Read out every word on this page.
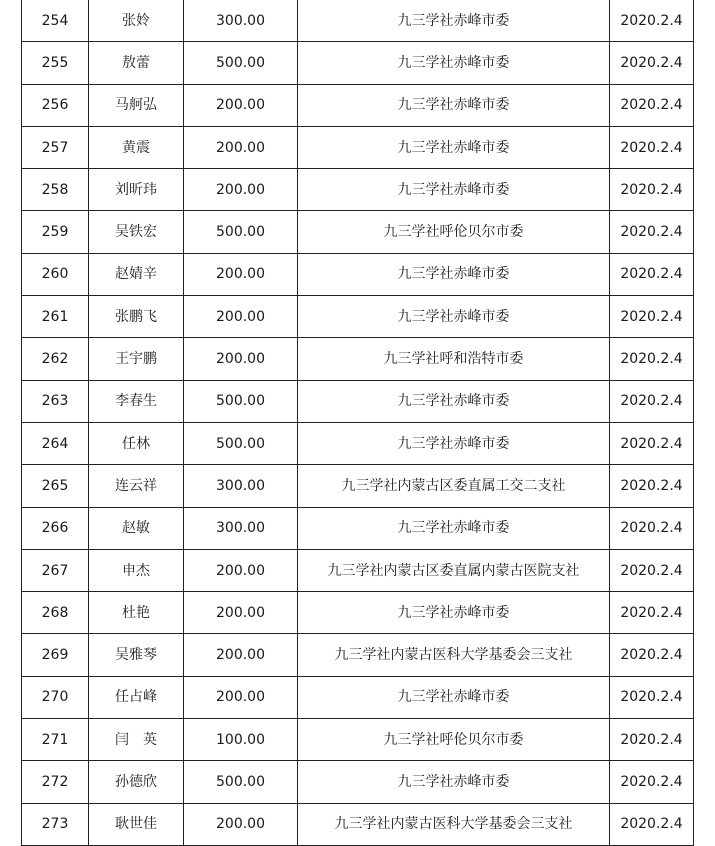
254	张姈	300.00	九三学社赤峰市委	2020.2.4
255	敖蕾	500.00	九三学社赤峰市委	2020.2.4
256	马舸弘	200.00	九三学社赤峰市委	2020.2.4
257	黄震	200.00	九三学社赤峰市委	2020.2.4
258	刘昕玮	200.00	九三学社赤峰市委	2020.2.4
259	吴铁宏	500.00	九三学社呼伦贝尔市委	2020.2.4
260	赵婧辛	200.00	九三学社赤峰市委	2020.2.4
261	张鹏飞	200.00	九三学社赤峰市委	2020.2.4
262	王宇鹏	200.00	九三学社呼和浩特市委	2020.2.4
263	李春生	500.00	九三学社赤峰市委	2020.2.4
264	任林	500.00	九三学社赤峰市委	2020.2.4
265	连云祥	300.00	九三学社内蒙古区委直属工交二支社	2020.2.4
266	赵敏	300.00	九三学社赤峰市委	2020.2.4
267	申杰	200.00	九三学社内蒙古区委直属内蒙古医院支社	2020.2.4
268	杜艳	200.00	九三学社赤峰市委	2020.2.4
269	吴雅琴	200.00	九三学社内蒙古医科大学基委会三支社	2020.2.4
270	任占峰	200.00	九三学社赤峰市委	2020.2.4
271	闫　英	100.00	九三学社呼伦贝尔市委	2020.2.4
272	孙德欣	500.00	九三学社赤峰市委	2020.2.4
273	耿世佳	200.00	九三学社内蒙古医科大学基委会三支社	2020.2.4
